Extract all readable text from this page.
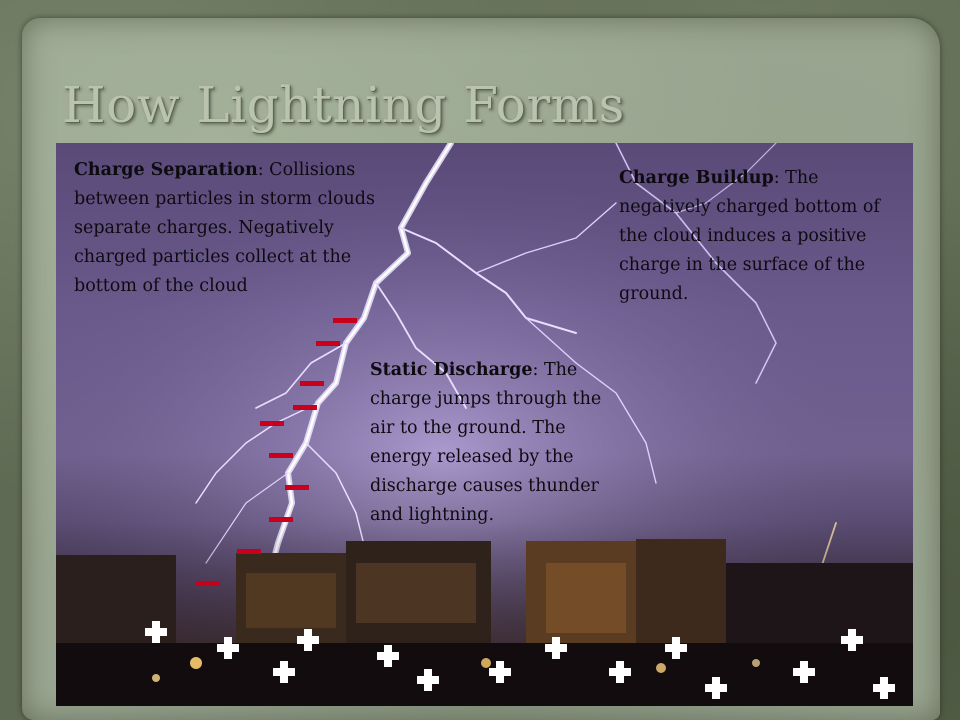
How Lightning Forms

Charge Separation: Collisions between particles in storm clouds separate charges. Negatively charged particles collect at the bottom of the cloud

Charge Buildup: The negatively charged bottom of the cloud induces a positive charge in the surface of the ground.

Static Discharge: The charge jumps through the air to the ground. The energy released by the discharge causes thunder and lightning.
